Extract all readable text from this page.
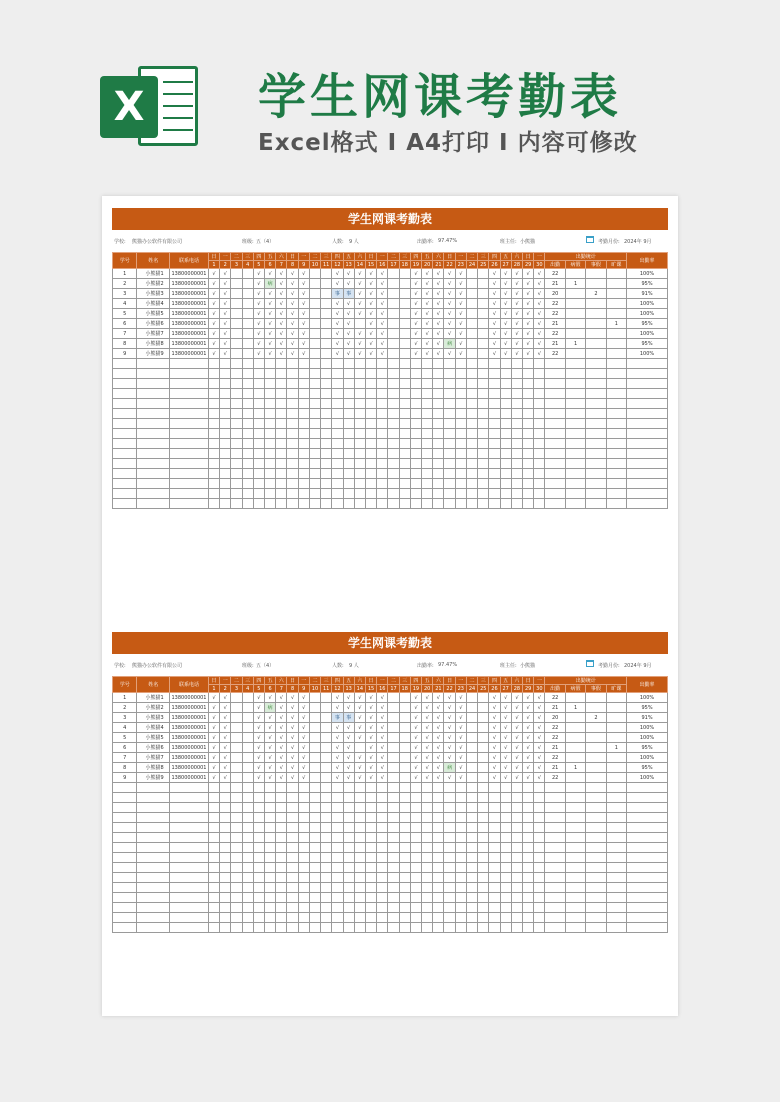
X 学生网课考勤表
Excel格式 I A4打印 I 内容可修改
学生网课考勤表
学校: 熊猫办公软件有限公司	班级: 五（4）	人数: 9 人	出勤率: 97.47%	班主任: 小熊猫	考勤月份: 2024年 9月
学号	姓名	联系电话	日	一	二	三	四	五	六	日	一	二	三	四	五	六	日	一	二	三	四	五	六	日	一	二	三	四	五	六	日	一	出勤统计				出勤率
			1	2	3	4	5	6	7	8	9	10	11	12	13	14	15	16	17	18	19	20	21	22	23	24	25	26	27	28	29	30	出勤	病假	事假	旷课	
1	小熊猫1	13800000001	√	√			√	√	√	√	√			√	√	√	√	√			√	√	√	√	√			√	√	√	√	√	22				100%
2	小熊猫2	13800000001	√	√			√	病	√	√	√			√	√	√	√	√			√	√	√	√	√			√	√	√	√	√	21	1			95%
3	小熊猫3	13800000001	√	√			√	√	√	√	√			事	事	√	√	√			√	√	√	√	√			√	√	√	√	√	20		2		91%
4	小熊猫4	13800000001	√	√			√	√	√	√	√			√	√	√	√	√			√	√	√	√	√			√	√	√	√	√	22				100%
5	小熊猫5	13800000001	√	√			√	√	√	√	√			√	√	√	√	√			√	√	√	√	√			√	√	√	√	√	22				100%
6	小熊猫6	13800000001	√	√			√	√	√	√	√			√	√		√	√			√	√	√	√	√			√	√	√	√	√	21			1	95%
7	小熊猫7	13800000001	√	√			√	√	√	√	√			√	√	√	√	√			√	√	√	√	√			√	√	√	√	√	22				100%
8	小熊猫8	13800000001	√	√			√	√	√	√	√			√	√	√	√	√			√	√	√	病	√			√	√	√	√	√	21	1			95%
9	小熊猫9	13800000001	√	√			√	√	√	√	√			√	√	√	√	√			√	√	√	√	√			√	√	√	√	√	22				100%

学生网课考勤表
学校: 熊猫办公软件有限公司	班级: 五（4）	人数: 9 人	出勤率: 97.47%	班主任: 小熊猫	考勤月份: 2024年 9月
学号	姓名	联系电话	日	一	二	三	四	五	六	日	一	二	三	四	五	六	日	一	二	三	四	五	六	日	一	二	三	四	五	六	日	一	出勤统计				出勤率
			1	2	3	4	5	6	7	8	9	10	11	12	13	14	15	16	17	18	19	20	21	22	23	24	25	26	27	28	29	30	出勤	病假	事假	旷课	
1	小熊猫1	13800000001	√	√			√	√	√	√	√			√	√	√	√	√			√	√	√	√	√			√	√	√	√	√	22				100%
2	小熊猫2	13800000001	√	√			√	病	√	√	√			√	√	√	√	√			√	√	√	√	√			√	√	√	√	√	21	1			95%
3	小熊猫3	13800000001	√	√			√	√	√	√	√			事	事	√	√	√			√	√	√	√	√			√	√	√	√	√	20		2		91%
4	小熊猫4	13800000001	√	√			√	√	√	√	√			√	√	√	√	√			√	√	√	√	√			√	√	√	√	√	22				100%
5	小熊猫5	13800000001	√	√			√	√	√	√	√			√	√	√	√	√			√	√	√	√	√			√	√	√	√	√	22				100%
6	小熊猫6	13800000001	√	√			√	√	√	√	√			√	√		√	√			√	√	√	√	√			√	√	√	√	√	21			1	95%
7	小熊猫7	13800000001	√	√			√	√	√	√	√			√	√	√	√	√			√	√	√	√	√			√	√	√	√	√	22				100%
8	小熊猫8	13800000001	√	√			√	√	√	√	√			√	√	√	√	√			√	√	√	病	√			√	√	√	√	√	21	1			95%
9	小熊猫9	13800000001	√	√			√	√	√	√	√			√	√	√	√	√			√	√	√	√	√			√	√	√	√	√	22				100%
